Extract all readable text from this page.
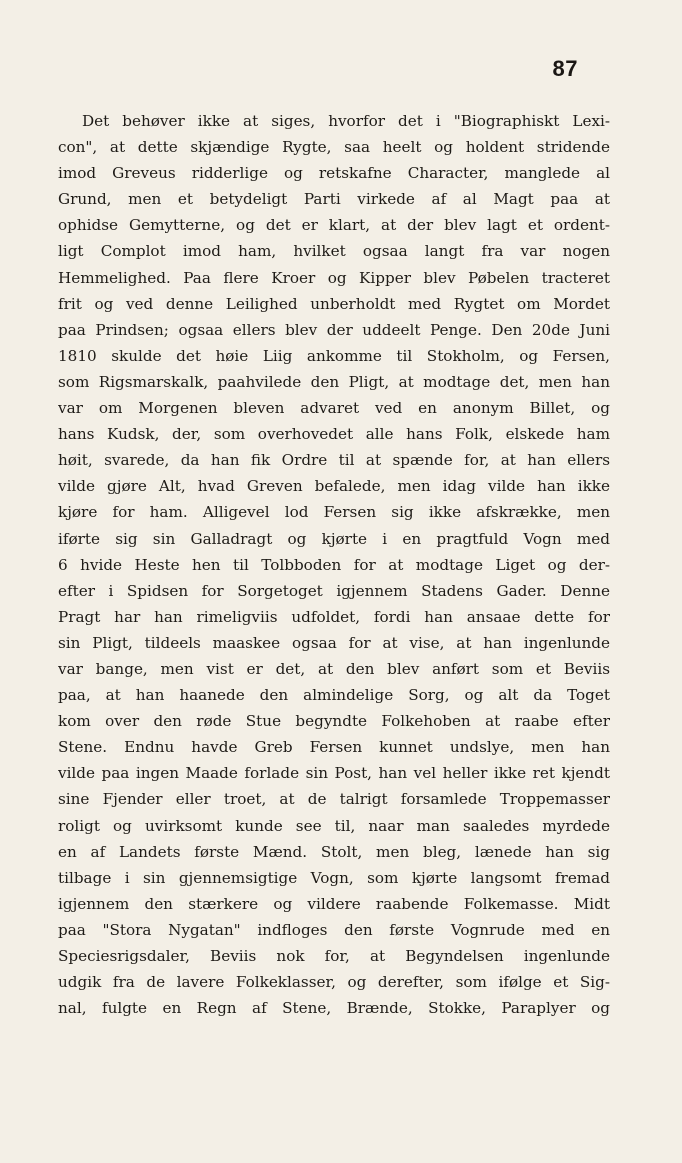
87
Det behøver ikke at siges, hvorfor det i "Biographiskt Lexi-
con", at dette skjændige Rygte, saa heelt og holdent stridende
imod Greveus ridderlige og retskafne Character, manglede al
Grund, men et betydeligt Parti virkede af al Magt paa at
ophidse Gemytterne, og det er klart, at der blev lagt et ordent-
ligt Complot imod ham, hvilket ogsaa langt fra var nogen
Hemmelighed. Paa flere Kroer og Kipper blev Pøbelen tracteret
frit og ved denne Leilighed unberholdt med Rygtet om Mordet
paa Prindsen; ogsaa ellers blev der uddeelt Penge. Den 20de Juni
1810 skulde det høie Liig ankomme til Stokholm, og Fersen,
som Rigsmarskalk, paahvilede den Pligt, at modtage det, men han
var om Morgenen bleven advaret ved en anonym Billet, og
hans Kudsk, der, som overhovedet alle hans Folk, elskede ham
høit, svarede, da han fik Ordre til at spænde for, at han ellers
vilde gjøre Alt, hvad Greven befalede, men idag vilde han ikke
kjøre for ham. Alligevel lod Fersen sig ikke afskrække, men
iførte sig sin Galladragt og kjørte i en pragtfuld Vogn med
6 hvide Heste hen til Tolbboden for at modtage Liget og der-
efter i Spidsen for Sorgetoget igjennem Stadens Gader. Denne
Pragt har han rimeligviis udfoldet, fordi han ansaae dette for
sin Pligt, tildeels maaskee ogsaa for at vise, at han ingenlunde
var bange, men vist er det, at den blev anført som et Beviis
paa, at han haanede den almindelige Sorg, og alt da Toget
kom over den røde Stue begyndte Folkehoben at raabe efter
Stene. Endnu havde Greb Fersen kunnet undslye, men han
vilde paa ingen Maade forlade sin Post, han vel heller ikke ret kjendt
sine Fjender eller troet, at de talrigt forsamlede Troppemasser
roligt og uvirksomt kunde see til, naar man saaledes myrdede
en af Landets første Mænd. Stolt, men bleg, lænede han sig
tilbage i sin gjennemsigtige Vogn, som kjørte langsomt fremad
igjennem den stærkere og vildere raabende Folkemasse. Midt
paa "Stora Nygatan" indfloges den første Vognrude med en
Speciesrigsdaler, Beviis nok for, at Begyndelsen ingenlunde
udgik fra de lavere Folkeklasser, og derefter, som ifølge et Sig-
nal, fulgte en Regn af Stene, Brænde, Stokke, Paraplyer og
